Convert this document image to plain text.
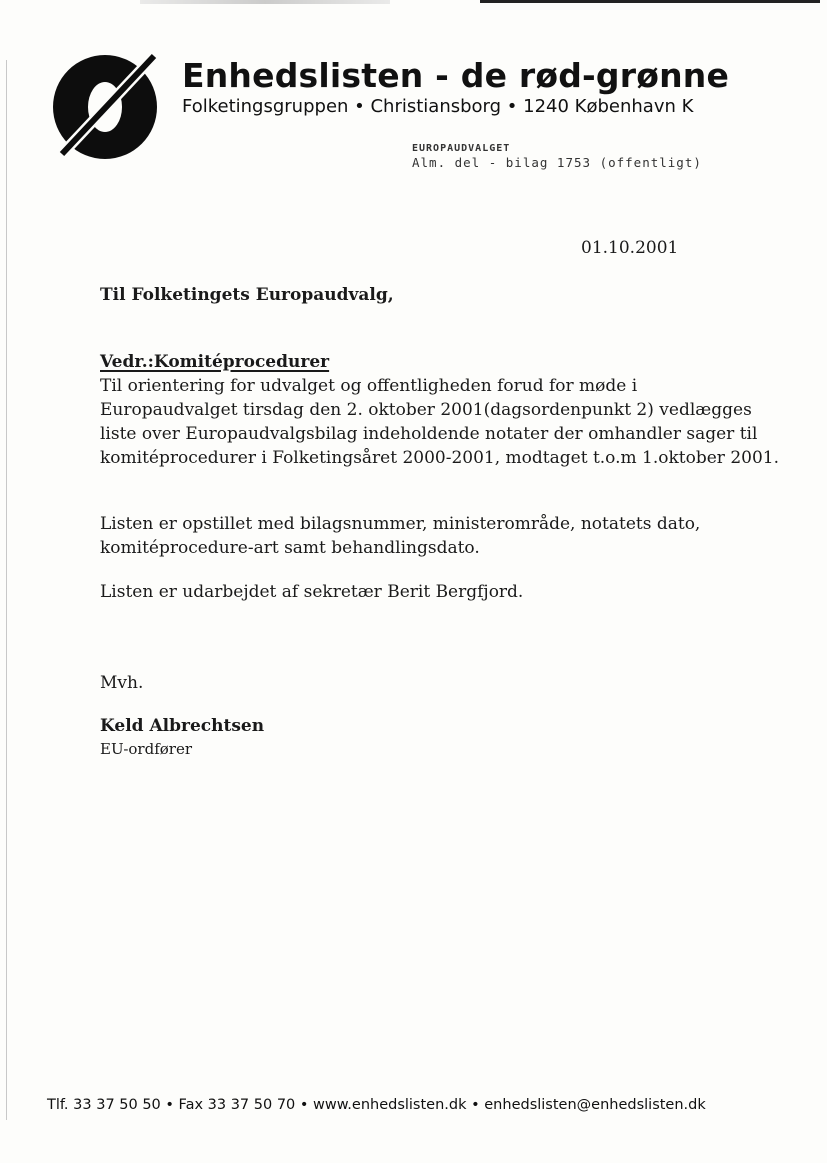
Enhedslisten - de rød-grønne
Folketingsgruppen • Christiansborg • 1240 København K
EUROPAUDVALGET
Alm. del - bilag 1753 (offentligt)
01.10.2001

Til Folketingets Europaudvalg,

Vedr.:Komitéprocedurer

Til orientering for udvalget og offentligheden forud for møde i Europaudvalget tirsdag den 2. oktober 2001(dagsordenpunkt 2) vedlægges liste over Europaudvalgsbilag indeholdende notater der omhandler sager til komitéprocedurer i Folketingsåret 2000-2001, modtaget t.o.m 1.oktober 2001.

Listen er opstillet med bilagsnummer, ministerområde, notatets dato, komitéprocedure-art samt behandlingsdato.

Listen er udarbejdet af sekretær Berit Bergfjord.

Mvh.
Keld Albrechtsen
EU-ordfører
Tlf. 33 37 50 50 • Fax 33 37 50 70 • www.enhedslisten.dk • enhedslisten@enhedslisten.dk
